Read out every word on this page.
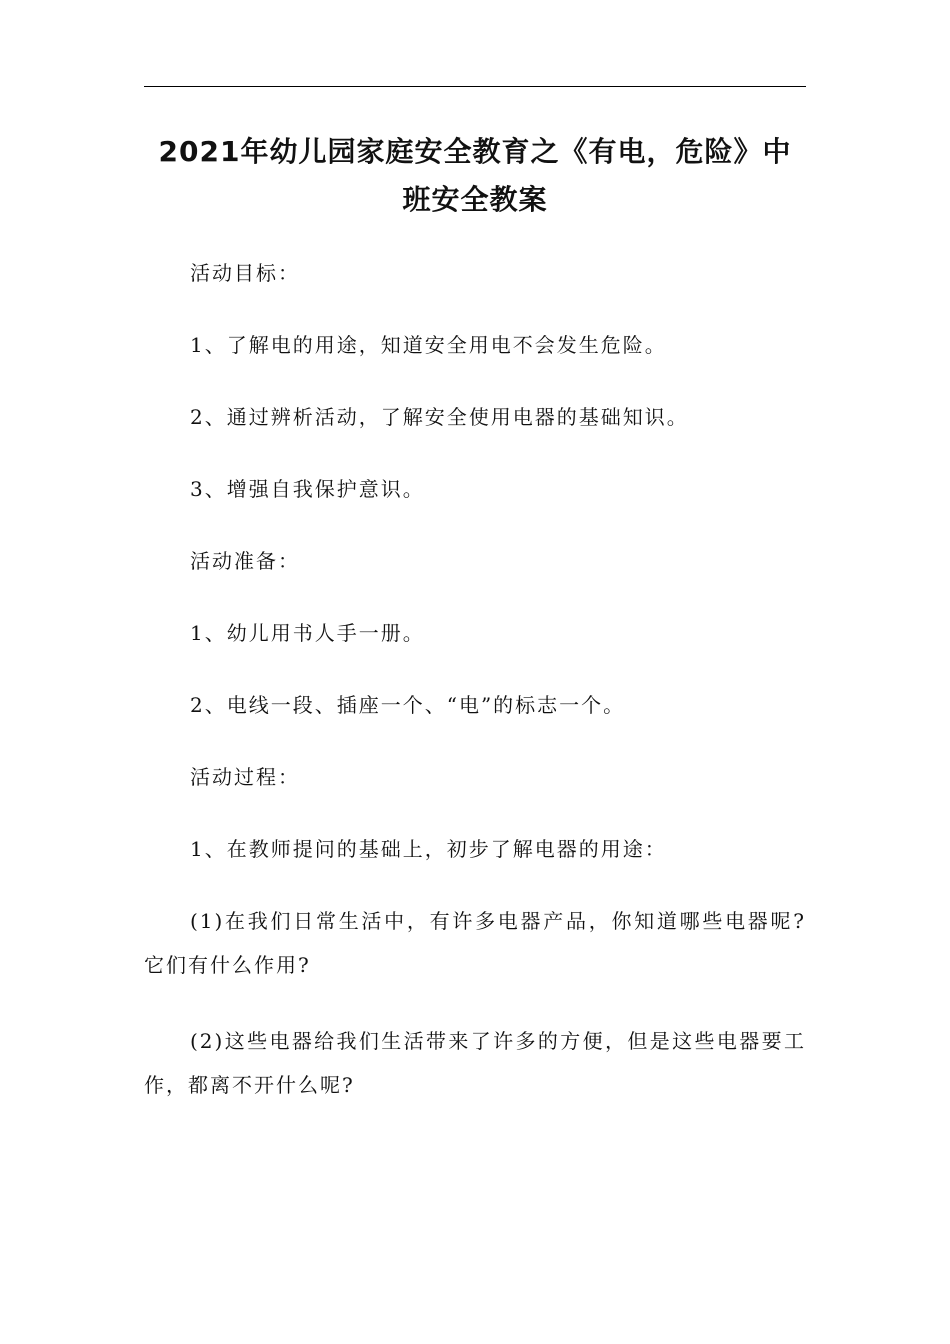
2021年幼儿园家庭安全教育之《有电，危险》中
班安全教案

活动目标：

1、了解电的用途，知道安全用电不会发生危险。

2、通过辨析活动，了解安全使用电器的基础知识。

3、增强自我保护意识。

活动准备：

1、幼儿用书人手一册。

2、电线一段、插座一个、“电”的标志一个。

活动过程：

1、在教师提问的基础上，初步了解电器的用途：

(1)在我们日常生活中，有许多电器产品，你知道哪些电器呢?它们有什么作用?

(2)这些电器给我们生活带来了许多的方便，但是这些电器要工作，都离不开什么呢?
